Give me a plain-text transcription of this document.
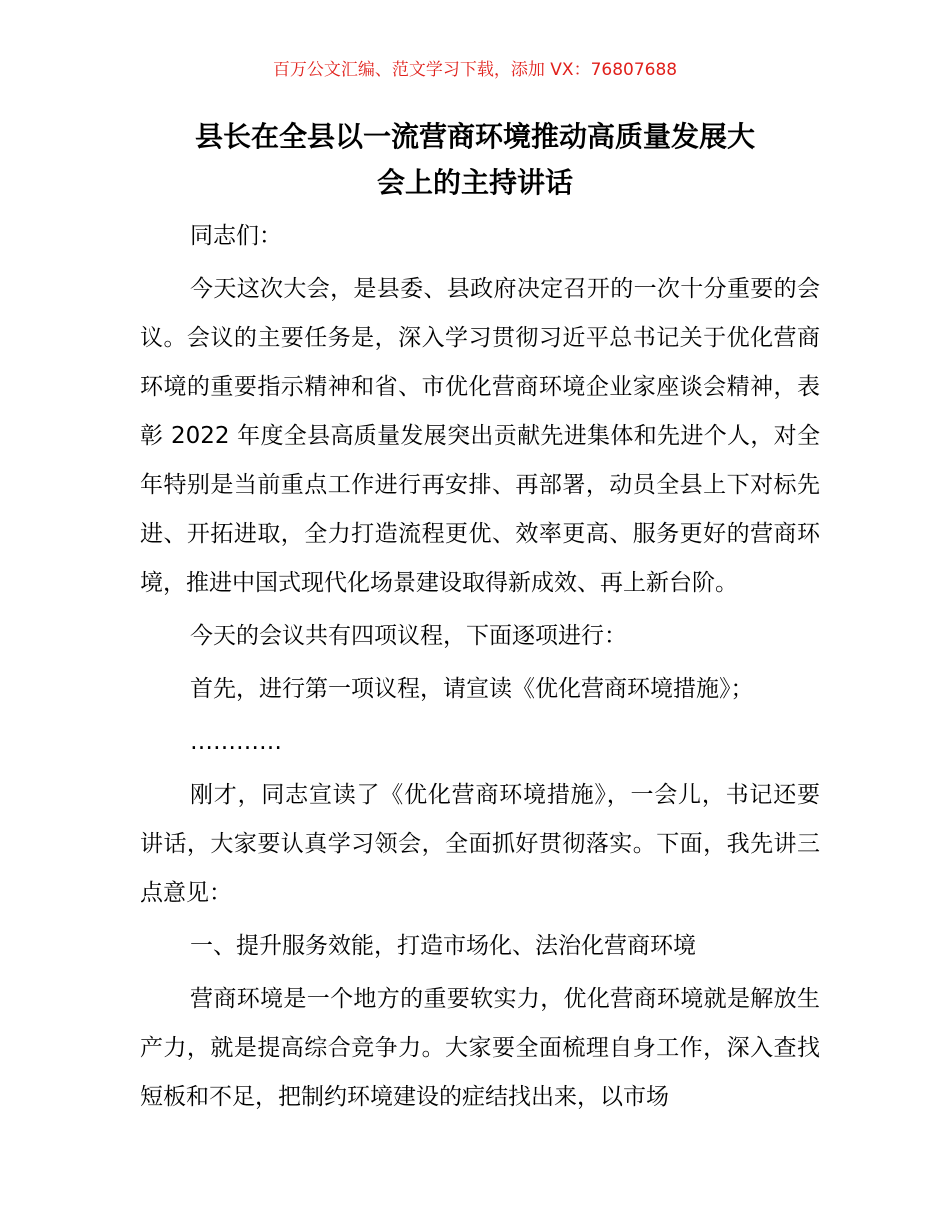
百万公文汇编、范文学习下载，添加 VX：76807688
县长在全县以一流营商环境推动高质量发展大
会上的主持讲话

同志们：

今天这次大会，是县委、县政府决定召开的一次十分重要的会议。会议的主要任务是，深入学习贯彻习近平总书记关于优化营商环境的重要指示精神和省、市优化营商环境企业家座谈会精神，表彰 2022 年度全县高质量发展突出贡献先进集体和先进个人，对全年特别是当前重点工作进行再安排、再部署，动员全县上下对标先进、开拓进取，全力打造流程更优、效率更高、服务更好的营商环境，推进中国式现代化场景建设取得新成效、再上新台阶。

今天的会议共有四项议程，下面逐项进行：

首先，进行第一项议程，请宣读《优化营商环境措施》；

…………

刚才，同志宣读了《优化营商环境措施》，一会儿，书记还要讲话，大家要认真学习领会，全面抓好贯彻落实。下面，我先讲三点意见：

一、提升服务效能，打造市场化、法治化营商环境

营商环境是一个地方的重要软实力，优化营商环境就是解放生产力，就是提高综合竞争力。大家要全面梳理自身工作，深入查找短板和不足，把制约环境建设的症结找出来，以市场
